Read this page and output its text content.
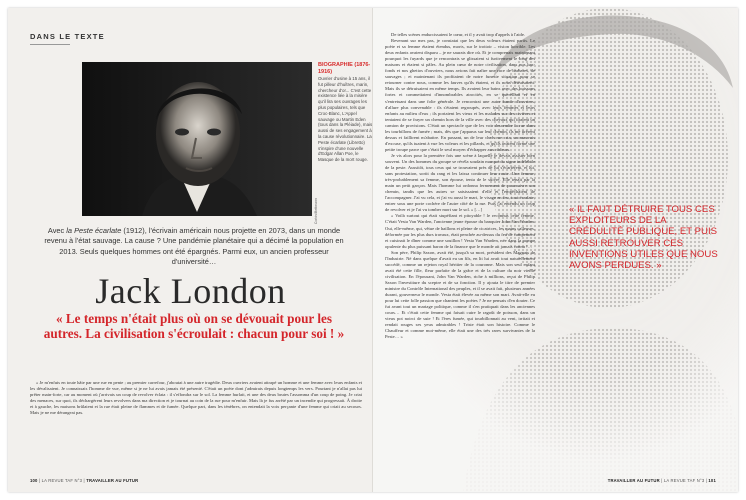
DANS LE TEXTE
Corbis/Bettmann
BIOGRAPHIE (1876-1916)
Ouvrier d'usine à 15 ans, il fut pilleur d'huîtres, marin, chercheur d'or... C'est cette existence liée à la misère qu'il lira ses ouvrages les plus populaires, tels que Croc-Blanc, L'Appel sauvage ou Martin Eden (tous dans la Pléiade), mais aussi de ses engagement à la cause révolutionnaire. La Peste écarlate (Libretto) s'inspire d'une nouvelle d'Edgar Allan Poe, le Masque de la mort rouge.
Avec la Peste écarlate (1912), l'écrivain américain nous projette en 2073, dans un monde revenu à l'état sauvage. La cause ? Une pandémie planétaire qui a décimé la population en 2013. Seuls quelques hommes ont été épargnés. Parmi eux, un ancien professeur d'université…
Jack London
« Le temps n'était plus où on se dévouait pour les autres. La civilisation s'écroulait : chacun pour soi ! »

« Je m'enfuis en toute hâte par une rue en pente ; au premier carrefour, j'aboutai à une autre tragédie. Deux ouvriers avaient attrapé un homme et une femme avec leurs enfants et les dévalisaient. Je connaissais l'homme de vue, même si je ne lui avais jamais été présenté. C'était un poète dont j'admirais depuis longtemps les vers. Pourtant je n'allai pas lui prêter main-forte, car au moment où j'arrivais un coup de revolver éclata : il s'effondra sur le sol. La femme hurlait, et une des deux brutes l'assomma d'un coup de poing. Je criai des menaces, sur quoi, ils déchargèrent leurs revolvers dans ma direction et je tournai au coin de la rue pour m'enfuir. Mais là je fus arrêté par un incendie qui progressait. À droite et à gauche, les maisons brûlaient et la rue était pleine de flammes et de fumée. Quelque part, dans les ténèbres, on entendait la voix perçante d'une femme qui criait au secours. Mais je ne me dérangeai pas.

100 | LA REVUE TAF N°3 | TRAVAILLER AU FUTUR

De telles scènes endurcissaient le cœur, et il y avait trop d'appels à l'aide.

Revenant sur mes pas, je constatai que les deux voleurs étaient partis. Le poète et sa femme étaient étendus, morts, sur le trottoir – vision horrible. Les deux enfants avaient disparu – je ne saurais dire où. Et je comprenais maintenant pourquoi les fuyards que je rencontrais se glissaient si furtivement le long des maisons et étaient si pâles. Au plein cœur de notre civilisation, dans nos bas-fonds et nos ghettos d'ouvriers, nous avions fait naître une race de barbares, de sauvages ; et maintenant ils profitaient de notre funeste situation pour se retourner contre nous, comme les fauves qu'ils étaient, et ils nous détruisaient. Mais ils se détruisaient en même temps. Ils avaient leur bains avec des boissons fortes et commettaient d'innombrables atrocités, en se querellant et en s'entretuant dans une folie générale. Je rencontrai une autre bande d'ouvriers, d'allure plus convenable : ils s'étaient regroupés, avec leurs femmes et leurs enfants au milieu d'eux ; ils portaient les vieux et les malades sur des civières et tentaient de se frayer un chemin hors de la ville avec des chevaux qui tiraient un camion de provisions. C'était un spectacle que de les voir descendre la rue dans les tourbillons de fumée ; mais, dès que j'apparus sur leur chemin, ils me tirèrent dessus et faillirent m'abattre. En passant, un de leur chefs me cria, un mauvais d'excuse, qu'ils tuaient à vue les voleurs et les pillards, et qu'ils avaient formé une petite troupe parce que c'était le seul moyen d'échapper aux rôdeurs.

Je vis alors pour la première fois une scène à laquelle je devais assister bien souvent. Un des hommes du groupe se révéla soudain marqué du signe indélébile de la peste. Aussitôt, tous ceux qui se trouvaient près de lui s'écartèrent, et lui, sans protestation, sortit du rang et les laissa continuer leur route. Une femme, très-probablement sa femme, son épouse, tenta de le suivre. Elle tenait par la main un petit garçon. Mais l'homme lui ordonna fermement de poursuivre son chemin, tandis que les autres se saisissaient d'elle et l'empêchaient de l'accompagner. J'ai vu cela, et j'ai vu aussi le mari, le visage en feu, tout écarlate, entrer sous une porte cochère de l'autre côté de la rue. Puis j'ai entendu un coup de revolver et je l'ai vu tomber mort sur le sol. » […]

« Voilà surtout qui était stupéfiant et pitoyable ! le reconnus cette femme. C'était Vesta Van Warden, l'ancienne jeune épouse du banquier John Van Warden. Oui, elle-même, qui, vêtue de haillons et pleine de cicatrices, les mains calleuses, déformée par les plus durs travaux, était penchée au-dessus du feu de campement et cuisinait le dîner comme une souillon ! Vesta Van Warden, née dans la pompe opulente du plus puissant baron de la finance que le monde ait jamais connu !…

Son père, Philip Saxon, avait été, jusqu'à sa mort, président des Magnats de l'Industrie. Né dans quelque d'avait eu un fils, en lit lui avait tout naturellement succédé, comme un rejeton royal héritier de la couronne. Mais son seul enfant avait été cette fille, fleur parfaite de la grâce et de la culture du noir vieille civilisation. En l'épousant, John Van Warden, riche à millions, reçut de Philip Saxon l'investiture du sceptre et de sa fonction. Il y ajouta le titre de premier ministre du Contrôle International des peuples, et il se avait fait, plusieurs années durant, gouverneur le monde. Vesta était élevée au même son mari. Avait-elle eu pour lui cette folle passion que chantent les poètes ? Je ne pensais d'en douter. Ce fut avant tout un mariage politique, comme il s'en pratiquait dans les anciennes cours… Et c'était cette femme qui faisait cuire le ragoût de poisson, dans un vieux pot noirci de suie ! Et l'ères fumée, qui tourbillonnait au vent, irritait et rendait rouges ses yeux admirables ! Triste était son histoire. Comme le Chauffeur et comme moi-même, elle était une des très rares survivantes de la Peste… »

« IL FAUT DÉTRUIRE TOUS CES EXPLOITEURS DE LA CRÉDULITÉ PUBLIQUE, ET PUIS AUSSI RETROUVER CES INVENTIONS UTILES QUE NOUS AVONS PERDUES. »
TRAVAILLER AU FUTUR | LA REVUE TAF N°3 | 101
